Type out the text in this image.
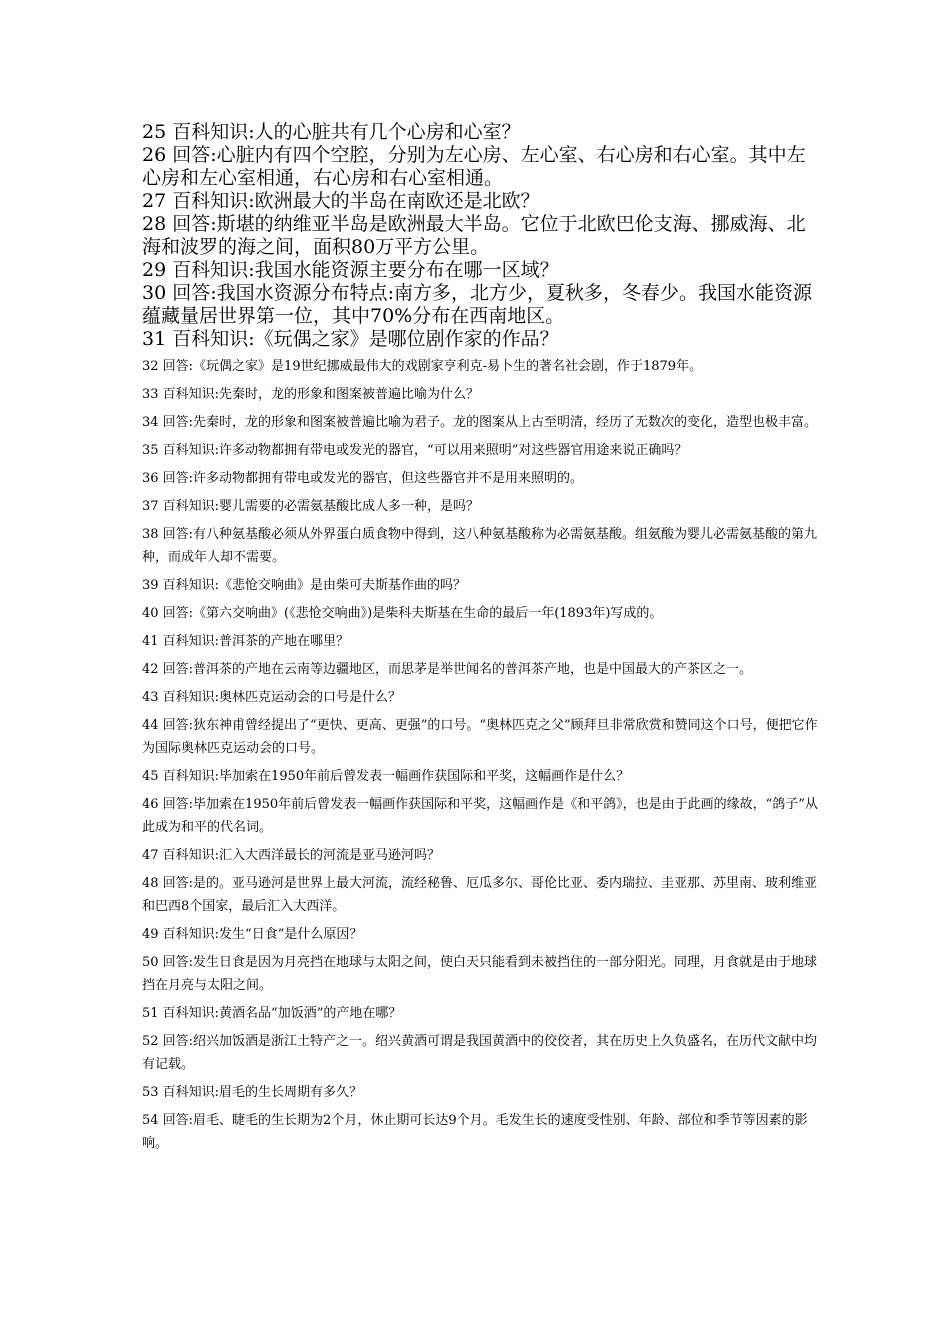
25 百科知识:人的心脏共有几个心房和心室？

26 回答:心脏内有四个空腔，分别为左心房、左心室、右心房和右心室。其中左心房和左心室相通，右心房和右心室相通。

27 百科知识:欧洲最大的半岛在南欧还是北欧？

28 回答:斯堪的纳维亚半岛是欧洲最大半岛。它位于北欧巴伦支海、挪威海、北海和波罗的海之间，面积80万平方公里。

29 百科知识:我国水能资源主要分布在哪一区域？

30 回答:我国水资源分布特点:南方多，北方少，夏秋多，冬春少。我国水能资源蕴藏量居世界第一位，其中70%分布在西南地区。

31 百科知识:《玩偶之家》是哪位剧作家的作品？

32 回答:《玩偶之家》是19世纪挪威最伟大的戏剧家亨利克-易卜生的著名社会剧，作于1879年。

33 百科知识:先秦时，龙的形象和图案被普遍比喻为什么？

34 回答:先秦时，龙的形象和图案被普遍比喻为君子。龙的图案从上古至明清，经历了无数次的变化，造型也极丰富。

35 百科知识:许多动物都拥有带电或发光的器官，“可以用来照明”对这些器官用途来说正确吗？

36 回答:许多动物都拥有带电或发光的器官，但这些器官并不是用来照明的。

37 百科知识:婴儿需要的必需氨基酸比成人多一种，是吗？

38 回答:有八种氨基酸必须从外界蛋白质食物中得到，这八种氨基酸称为必需氨基酸。组氨酸为婴儿必需氨基酸的第九种，而成年人却不需要。

39 百科知识:《悲怆交响曲》是由柴可夫斯基作曲的吗？

40 回答:《第六交响曲》(《悲怆交响曲》)是柴科夫斯基在生命的最后一年(1893年)写成的。

41 百科知识:普洱茶的产地在哪里？

42 回答:普洱茶的产地在云南等边疆地区，而思茅是举世闻名的普洱茶产地，也是中国最大的产茶区之一。

43 百科知识:奥林匹克运动会的口号是什么？

44 回答:狄东神甫曾经提出了“更快、更高、更强”的口号。“奥林匹克之父”顾拜旦非常欣赏和赞同这个口号，便把它作为国际奥林匹克运动会的口号。

45 百科知识:毕加索在1950年前后曾发表一幅画作获国际和平奖，这幅画作是什么？

46 回答:毕加索在1950年前后曾发表一幅画作获国际和平奖，这幅画作是《和平鸽》，也是由于此画的缘故，“鸽子”从此成为和平的代名词。

47 百科知识:汇入大西洋最长的河流是亚马逊河吗？

48 回答:是的。亚马逊河是世界上最大河流，流经秘鲁、厄瓜多尔、哥伦比亚、委内瑞拉、圭亚那、苏里南、玻利维亚和巴西8个国家，最后汇入大西洋。

49 百科知识:发生“日食”是什么原因？

50 回答:发生日食是因为月亮挡在地球与太阳之间，使白天只能看到未被挡住的一部分阳光。同理，月食就是由于地球挡在月亮与太阳之间。

51 百科知识:黄酒名品“加饭酒”的产地在哪？

52 回答:绍兴加饭酒是浙江土特产之一。绍兴黄酒可谓是我国黄酒中的佼佼者，其在历史上久负盛名，在历代文献中均有记载。

53 百科知识:眉毛的生长周期有多久？

54 回答:眉毛、睫毛的生长期为2个月，休止期可长达9个月。毛发生长的速度受性别、年龄、部位和季节等因素的影响。
